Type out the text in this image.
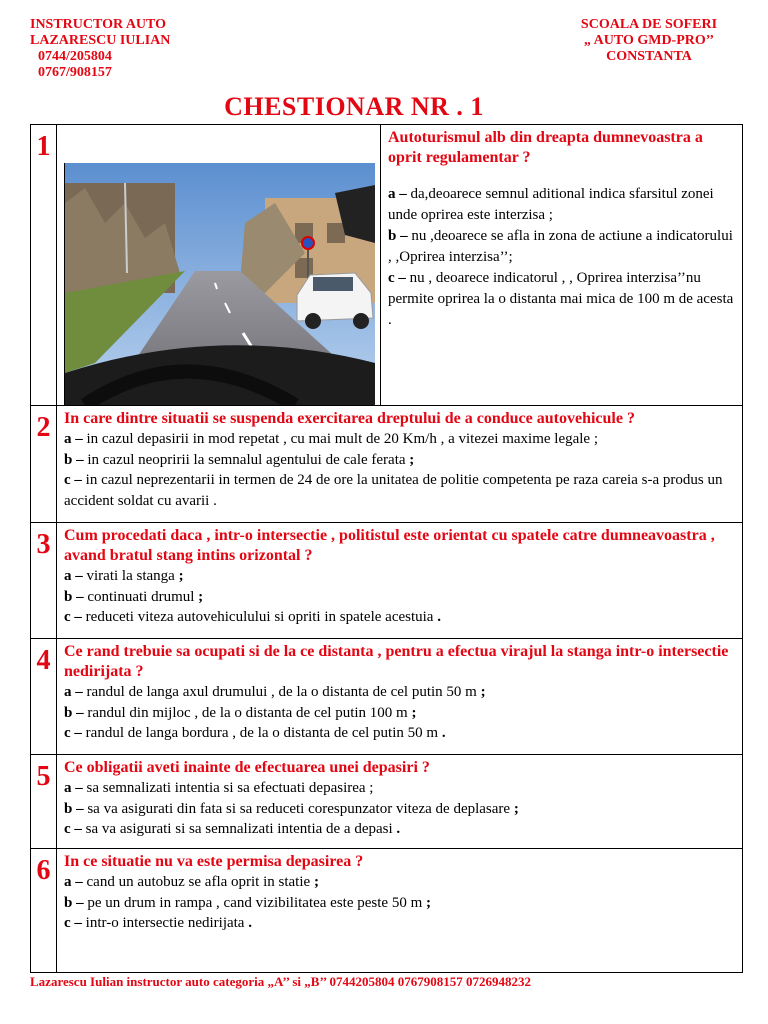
INSTRUCTOR AUTO
LAZARESCU IULIAN
0744/205804
0767/908157
SCOALA DE SOFERI
„ AUTO GMD-PRO’’
CONSTANTA
CHESTIONAR NR . 1
1	Autoturismul alb din dreapta dumnevoastra a oprit regulamentar ?
a – da,deoarece semnul aditional indica sfarsitul zonei unde oprirea este interzisa ;
b – nu ,deoarece se afla in zona de actiune a indicatorului , ,Oprirea interzisa’’;
c – nu , deoarece indicatorul , , Oprirea interzisa’’nu permite oprirea la o distanta mai mica de 100 m de acesta .
2 In care dintre situatii se suspenda exercitarea dreptului de a conduce autovehicule ?
a – in cazul depasirii in mod repetat , cu mai mult de 20 Km/h , a vitezei maxime legale ;
b – in cazul neopririi la semnalul agentului de cale ferata ;
c – in cazul neprezentarii in termen de 24 de ore la unitatea de politie competenta pe raza careia s-a produs un accident soldat cu avarii .
3 Cum procedati daca , intr-o intersectie , politistul este orientat cu spatele catre dumneavoastra , avand bratul stang intins orizontal ?
a – virati la stanga ;
b – continuati drumul ;
c – reduceti viteza autovehiculului si opriti in spatele acestuia .
4 Ce rand trebuie sa ocupati si de la ce distanta , pentru a efectua virajul la stanga intr-o intersectie nedirijata ?
a – randul de langa axul drumului , de la o distanta de cel putin 50 m ;
b – randul din mijloc , de la o distanta de cel putin 100 m ;
c – randul de langa bordura , de la o distanta de cel putin 50 m .
5 Ce obligatii aveti inainte de efectuarea unei depasiri ?
a – sa semnalizati intentia si sa efectuati depasirea ;
b – sa va asigurati din fata si sa reduceti corespunzator viteza de deplasare ;
c – sa va asigurati si sa semnalizati intentia de a depasi .
6 In ce situatie nu va este permisa depasirea ?
a – cand un autobuz se afla oprit in statie ;
b – pe un drum in rampa , cand vizibilitatea este peste 50 m ;
c – intr-o intersectie nedirijata .
Lazarescu Iulian instructor auto categoria „A’’ si „B’’ 0744205804 0767908157 0726948232
